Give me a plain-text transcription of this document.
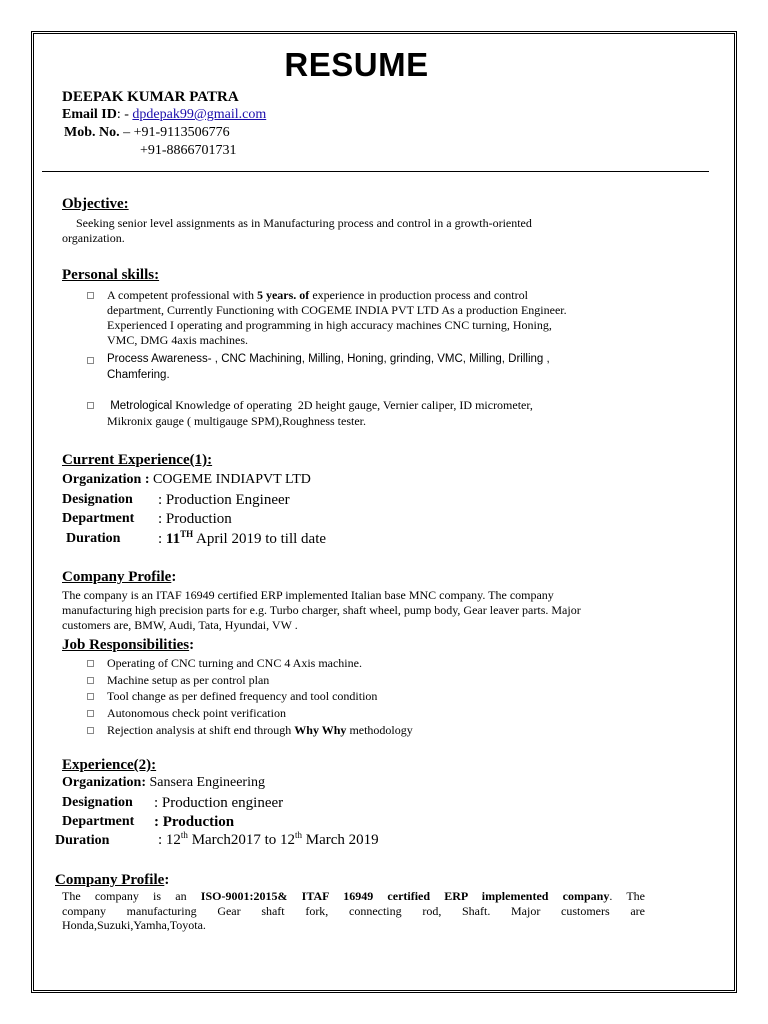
RESUME
DEEPAK KUMAR PATRA
Email ID: - dpdepak99@gmail.com
Mob. No. – +91-9113506776
+91-8866701731
Objective:
Seeking senior level assignments as in Manufacturing process and control in a growth-oriented
organization.
Personal skills:
A competent professional with 5 years. of experience in production process and control
department, Currently Functioning with COGEME INDIA PVT LTD As a production Engineer.
Experienced I operating and programming in high accuracy machines CNC turning, Honing,
VMC, DMG 4axis machines.
Process Awareness- , CNC Machining, Milling, Honing, grinding, VMC, Milling, Drilling ,
Chamfering.
Metrological Knowledge of operating  2D height gauge, Vernier caliper, ID micrometer,
Mikronix gauge ( multigauge SPM),Roughness tester.
Current Experience(1):
Organization : COGEME INDIAPVT LTD
Designation : Production Engineer
Department : Production
Duration	: 11TH April 2019 to till date
Company Profile:
The company is an ITAF 16949 certified ERP implemented Italian base MNC company. The company
manufacturing high precision parts for e.g. Turbo charger, shaft wheel, pump body, Gear leaver parts. Major
customers are, BMW, Audi, Tata, Hyundai, VW .
Job Responsibilities:
Operating of CNC turning and CNC 4 Axis machine.
Machine setup as per control plan
Tool change as per defined frequency and tool condition
Autonomous check point verification
Rejection analysis at shift end through Why Why methodology
Experience(2):
Organization: Sansera Engineering
Designation : Production engineer
Department : Production
Duration	: 12th March2017 to 12th March 2019
Company Profile:
The company is an ISO-9001:2015& ITAF 16949 certified ERP implemented company. The
company manufacturing Gear shaft fork, connecting rod, Shaft. Major customers are
Honda,Suzuki,Yamha,Toyota.
